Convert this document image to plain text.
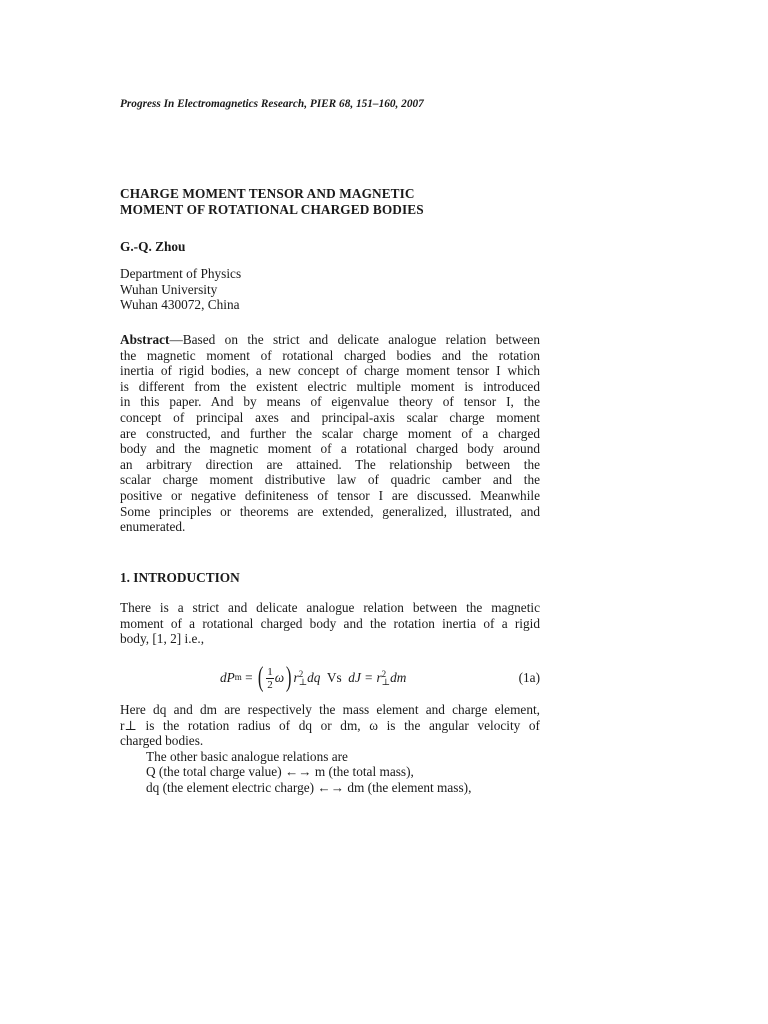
Progress In Electromagnetics Research, PIER 68, 151–160, 2007
CHARGE MOMENT TENSOR AND MAGNETIC
MOMENT OF ROTATIONAL CHARGED BODIES
G.-Q. Zhou
Department of Physics
Wuhan University
Wuhan 430072, China
Abstract—Based on the strict and delicate analogue relation between
the magnetic moment of rotational charged bodies and the rotation
inertia of rigid bodies, a new concept of charge moment tensor I which
is different from the existent electric multiple moment is introduced
in this paper. And by means of eigenvalue theory of tensor I, the
concept of principal axes and principal-axis scalar charge moment
are constructed, and further the scalar charge moment of a charged
body and the magnetic moment of a rotational charged body around
an arbitrary direction are attained. The relationship between the
scalar charge moment distributive law of quadric camber and the
positive or negative definiteness of tensor I are discussed. Meanwhile
Some principles or theorems are extended, generalized, illustrated, and
enumerated.
1. INTRODUCTION
There is a strict and delicate analogue relation between the magnetic
moment of a rotational charged body and the rotation inertia of a rigid
body, [1, 2] i.e.,
dP m = ( $\frac{1}{2}$ ω ) r 2
⊥ dq Vs dJ = r 2
⊥ dm	(1a)
Here dq and dm are respectively the mass element and charge element,
r⊥ is the rotation radius of dq or dm, ω is the angular velocity of
charged bodies.
The other basic analogue relations are
Q (the total charge value) ←→ m (the total mass),
dq (the element electric charge) ←→ dm (the element mass),
